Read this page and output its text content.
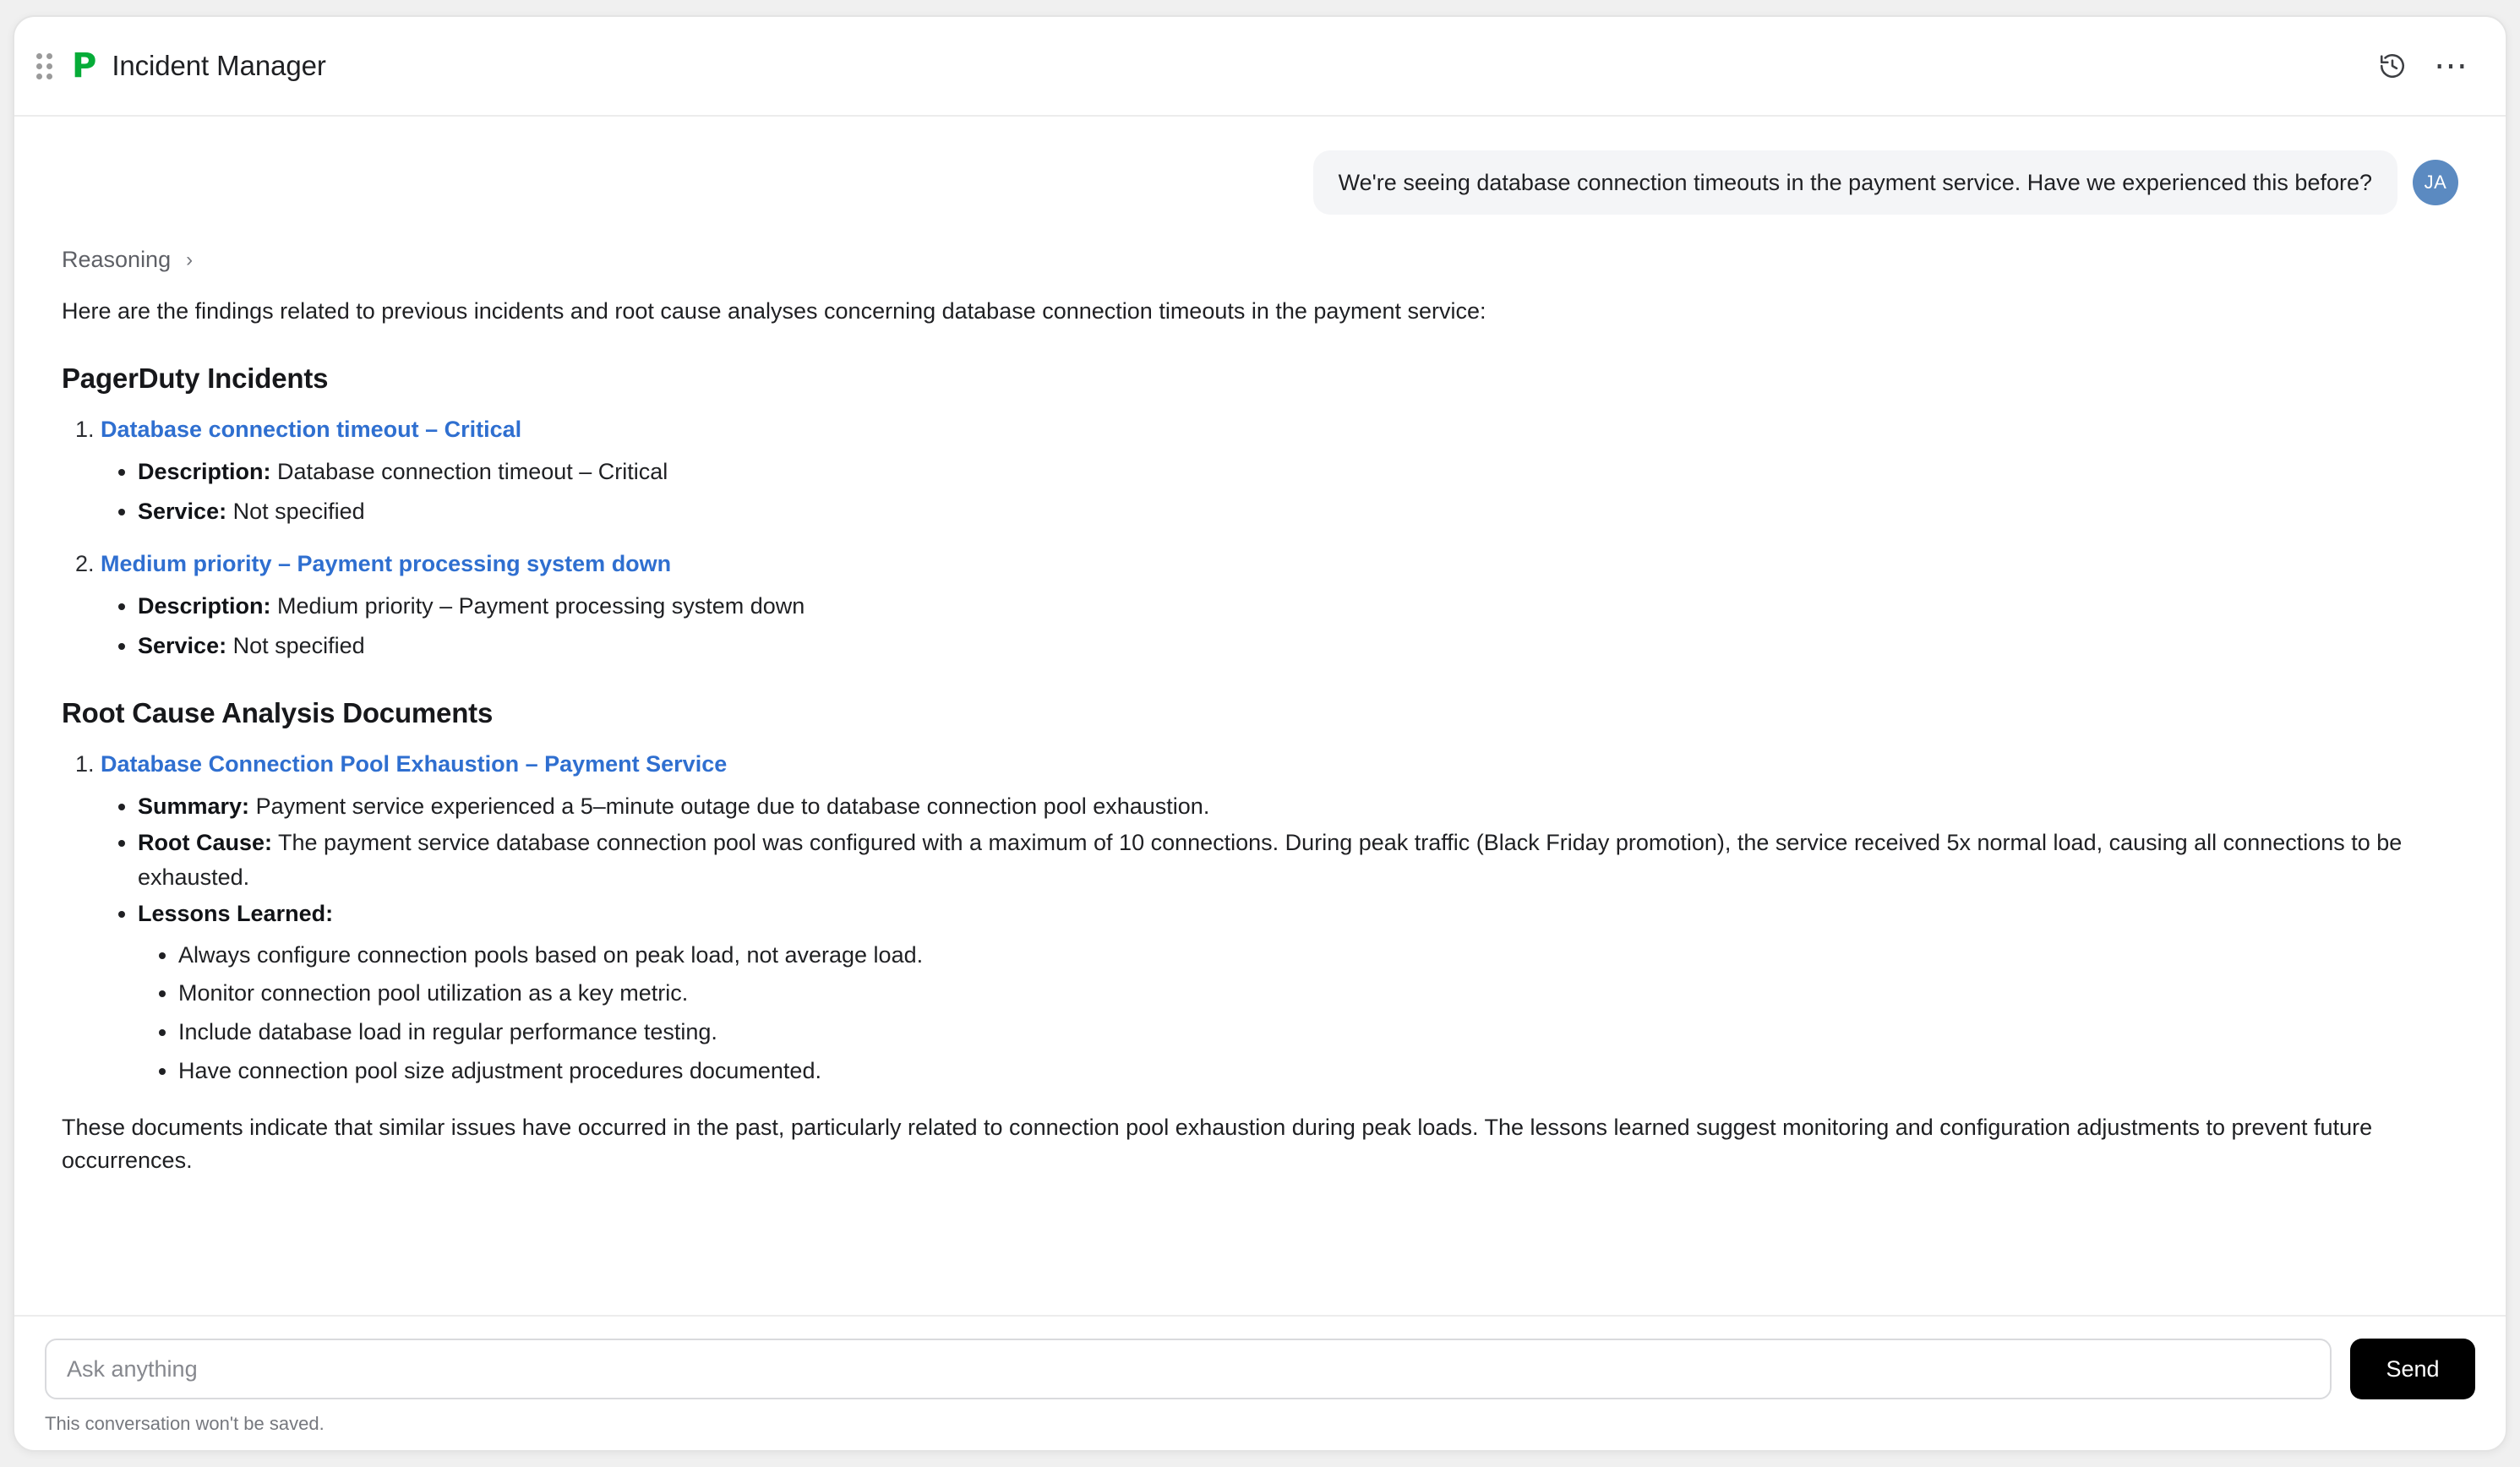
P Incident Manager	⋯
We're seeing database connection timeouts in the payment service. Have we experienced this before?	JA
Reasoning ›

Here are the findings related to previous incidents and root cause analyses concerning database connection timeouts in the payment service:

PagerDuty Incidents
1. Database connection timeout – Critical
• Description: Database connection timeout – Critical
• Service: Not specified
2. Medium priority – Payment processing system down
• Description: Medium priority – Payment processing system down
• Service: Not specified
Root Cause Analysis Documents
1. Database Connection Pool Exhaustion – Payment Service
• Summary: Payment service experienced a 5–minute outage due to database connection pool exhaustion.
• Root Cause: The payment service database connection pool was configured with a maximum of 10 connections. During peak traffic (Black Friday promotion), the service received 5x normal load, causing all connections to be exhausted.
• Lessons Learned:
• Always configure connection pools based on peak load, not average load.
• Monitor connection pool utilization as a key metric.
• Include database load in regular performance testing.
• Have connection pool size adjustment procedures documented.

These documents indicate that similar issues have occurred in the past, particularly related to connection pool exhaustion during peak loads. The lessons learned suggest monitoring and configuration adjustments to prevent future occurrences.

Ask anything
Send
This conversation won't be saved.
